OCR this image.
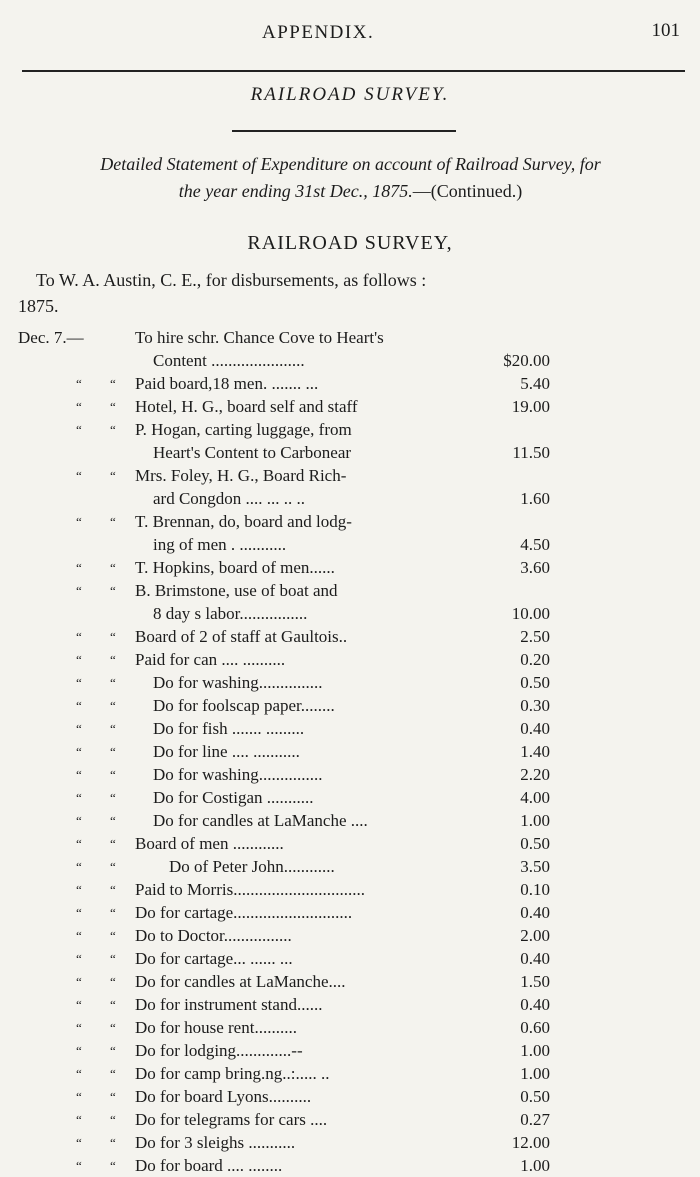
APPENDIX.	101
RAILROAD SURVEY.
Detailed Statement of Expenditure on account of Railroad Survey, for
the year ending 31st Dec., 1875.—(Continued.)
RAILROAD SURVEY,
To W. A. Austin, C. E., for disbursements, as follows :
1875.
Dec. 7.—	To hire schr. Chance Cove to Heart's
Content ......................	$20.00
“ “ Paid board,18 men. ....... ...	5.40
“ “ Hotel, H. G., board self and staff	19.00
“ “ P. Hogan, carting luggage, from
Heart's Content to Carbonear	11.50
“ “ Mrs. Foley, H. G., Board Rich-
ard Congdon .... ... .. ..	1.60
“ “ T. Brennan, do, board and lodg-
ing of men . ...........	4.50
“ “ T. Hopkins, board of men......	3.60
“ “ B. Brimstone, use of boat and
8 day s labor................	10.00
“ “ Board of 2 of staff at Gaultois..	2.50
“ “ Paid for can .... ..........	0.20
“ “	Do for washing...............	0.50
“ “	Do for foolscap paper........	0.30
“ “	Do for fish ....... .........	0.40
“ “	Do for line .... ...........	1.40
“ “	Do for washing...............	2.20
“ “	Do for Costigan ...........	4.00
“ “	Do for candles at LaManche ....	1.00
“ “ Board of men ............	0.50
“ “	Do of Peter John............	3.50
“ “ Paid to Morris...............................	0.10
“ “ Do for cartage............................	0.40
“ “ Do to Doctor................	2.00
“ “ Do for cartage... ...... ...	0.40
“ “ Do for candles at LaManche....	1.50
“ “ Do for instrument stand......	0.40
“ “ Do for house rent..........	0.60
“ “ Do for lodging.............--	1.00
“ “ Do for camp bring.ng..:..... ..	1.00
“ “ Do for board Lyons..........	0.50
“ “ Do for telegrams for cars ....	0.27
“ “ Do for 3 sleighs ...........	12.00
“ “ Do for board .... ........	1.00
